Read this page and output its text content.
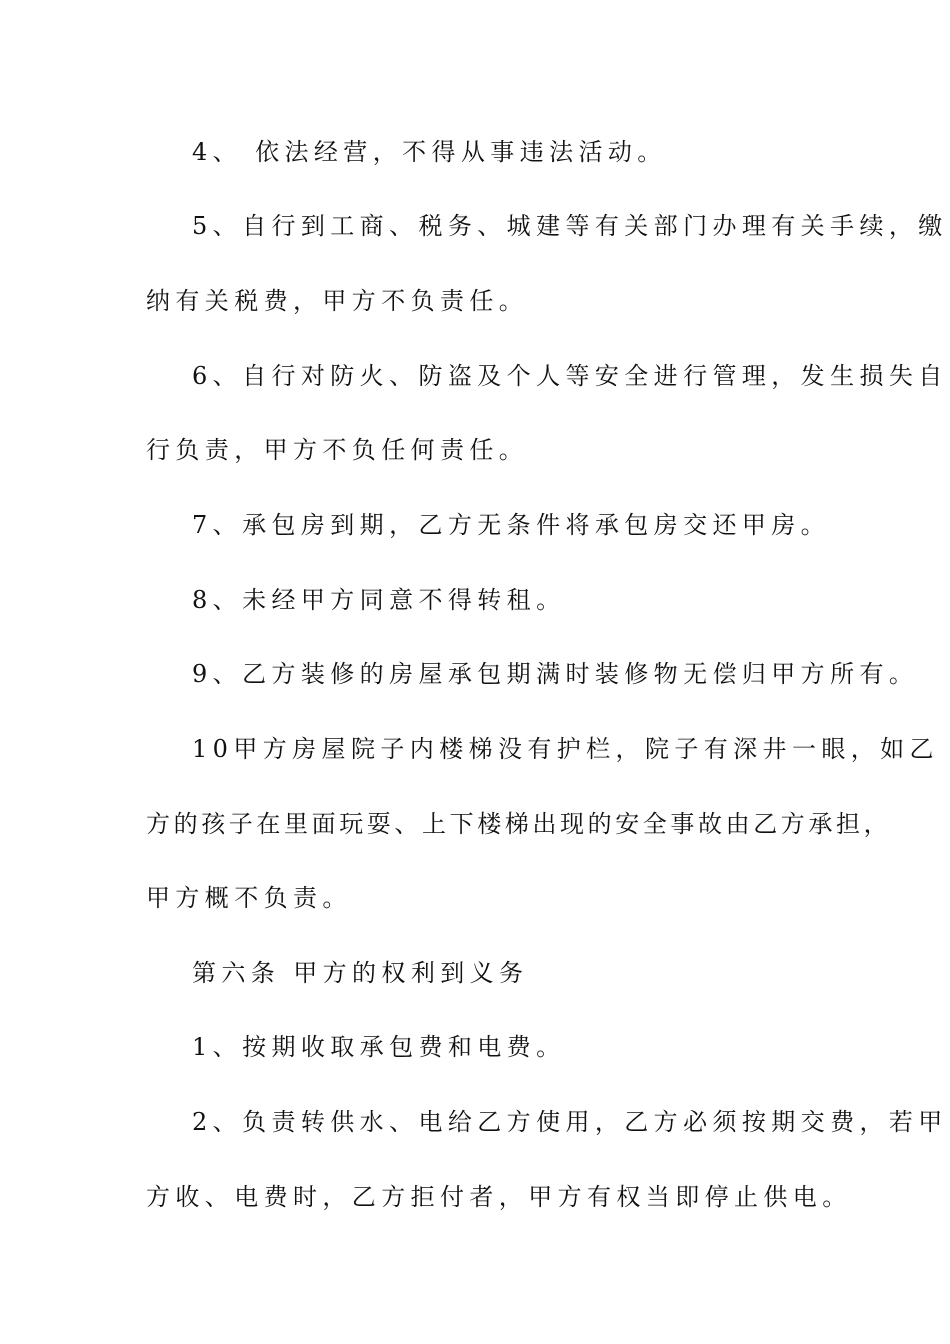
4、 依法经营，不得从事违法活动。
5、自行到工商、税务、城建等有关部门办理有关手续，缴
纳有关税费，甲方不负责任。
6、自行对防火、防盗及个人等安全进行管理，发生损失自
行负责，甲方不负任何责任。
7、承包房到期，乙方无条件将承包房交还甲房。
8、未经甲方同意不得转租。
9、乙方装修的房屋承包期满时装修物无偿归甲方所有。
10甲方房屋院子内楼梯没有护栏，院子有深井一眼，如乙
方的孩子在里面玩耍、上下楼梯出现的安全事故由乙方承担，
甲方概不负责。
第六条 甲方的权利到义务
1、按期收取承包费和电费。
2、负责转供水、电给乙方使用，乙方必须按期交费，若甲
方收、电费时，乙方拒付者，甲方有权当即停止供电。
